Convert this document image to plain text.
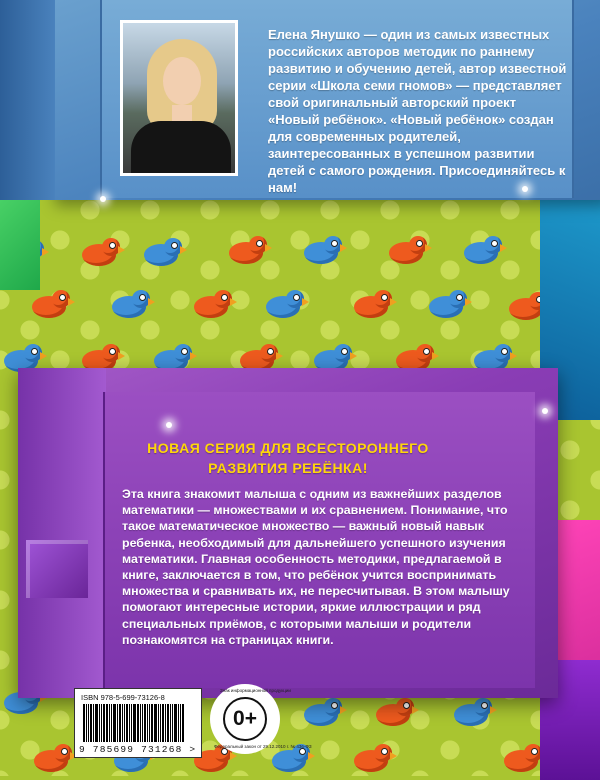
Елена Янушко — один из самых известных российских авторов методик по раннему развитию и обучению детей, автор известной серии «Школа семи гномов» — представляет свой оригинальный авторский проект «Новый ребёнок». «Новый ребёнок» создан для современных родителей, заинтересованных в успешном развитии детей с самого рождения. Присоединяйтесь к нам!
НОВАЯ СЕРИЯ ДЛЯ ВСЕСТОРОННЕГО
РАЗВИТИЯ РЕБЁНКА!
Эта книга знакомит малыша с одним из важнейших разделов математики — множествами и их сравнением. Понимание, что такое математическое множество — важный новый навык ребенка, необходимый для дальнейшего успешного изучения математики. Главная особенность методики, предлагаемой в книге, заключается в том, что ребёнок учится воспринимать множества и сравнивать их, не пересчитывая. В этом малышу помогают интересные истории, яркие иллюстрации и ряд специальных приёмов, с которыми малыши и родители познакомятся на страницах книги.
ISBN 978-5-699-73126-8
9 785699 731268 >
Знак информационной продукции
0+
Федеральный закон от 29.12.2010 г. № 436-ФЗ
